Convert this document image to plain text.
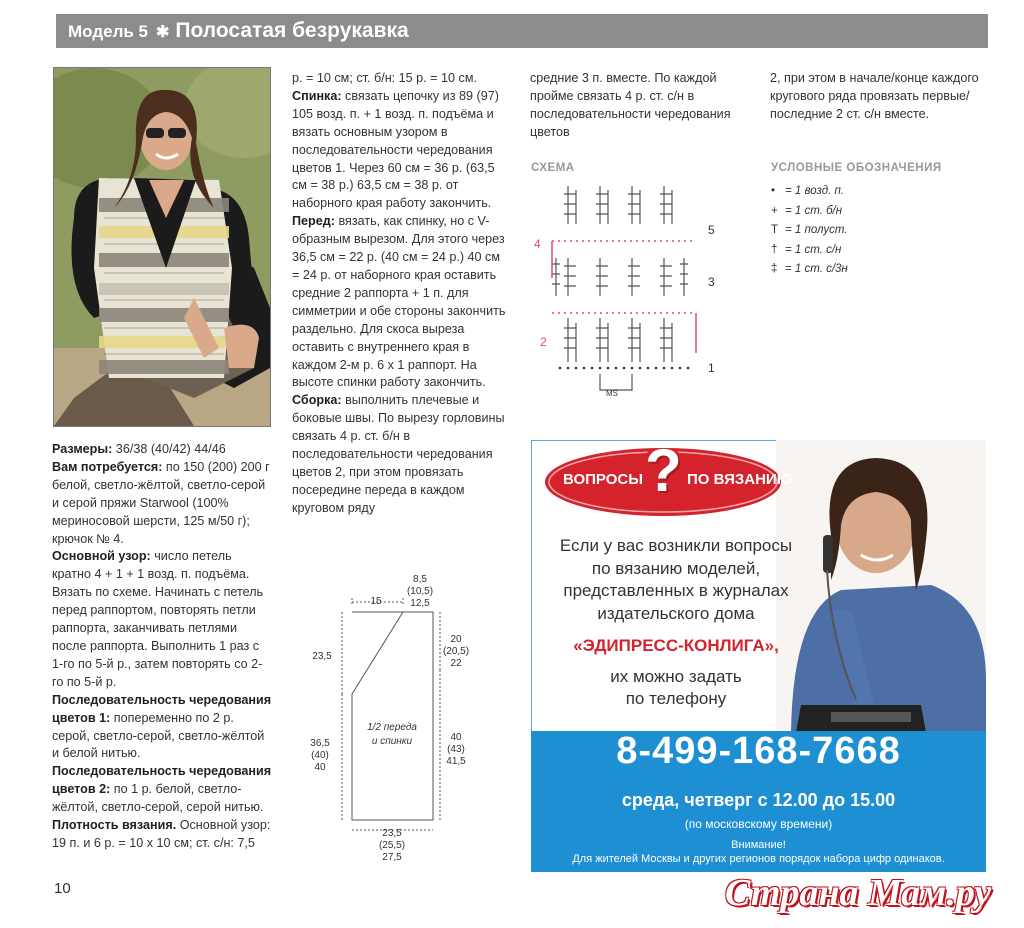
Модель 5 ✱ Полосатая безрукавка

Размеры: 36/38 (40/42) 44/46

Вам потребуется: по 150 (200) 200 г белой, светло-жёлтой, светло-серой и серой пряжи Starwool (100% мериносовой шерсти, 125 м/50 г); крючок № 4.

Основной узор: число петель кратно 4 + 1 + 1 возд. п. подъёма. Вязать по схеме. Начинать с петель перед раппортом, повторять петли раппорта, заканчивать петлями после раппорта. Выполнить 1 раз с 1-го по 5-й р., затем повторять со 2-го по 5-й р.

Последовательность чередования цветов 1: попеременно по 2 р. серой, светло-серой, светло-жёлтой и белой нитью.

Последовательность чередования цветов 2: по 1 р. белой, светло-жёлтой, светло-серой, серой нитью.

Плотность вязания. Основной узор: 19 п. и 6 р. = 10 x 10 см; ст. с/н: 7,5

10

р. = 10 см; ст. б/н: 15 р. = 10 см.

Спинка: связать цепочку из 89 (97) 105 возд. п. + 1 возд. п. подъёма и вязать основным узором в последовательности чередования цветов 1. Через 60 см = 36 р. (63,5 см = 38 р.) 63,5 см = 38 р. от наборного края работу закончить.

Перед: вязать, как спинку, но с V-образным вырезом. Для этого через 36,5 см = 22 р. (40 см = 24 р.) 40 см = 24 р. от наборного края оставить средние 2 раппорта + 1 п. для симметрии и обе стороны закончить раздельно. Для скоса выреза оставить с внутреннего края в каждом 2-м р. 6 x 1 раппорт. На высоте спинки работу закончить.

Сборка: выполнить плечевые и боковые швы. По вырезу горловины связать 4 р. ст. б/н в последовательности чередования цветов 2, при этом провязать посередине переда в каждом круговом ряду

средние 3 п. вместе. По каждой пройме связать 4 р. ст. с/н в последовательности чередования цветов

2, при этом в начале/конце каждого кругового ряда провязать первые/последние 2 ст. с/н вместе.

СХЕМА
5
4
3
2
1
MS
УСЛОВНЫЕ ОБОЗНАЧЕНИЯ
• = 1 возд. п.
+ = 1 ст. б/н
T = 1 полуст.
† = 1 ст. с/н
‡ = 1 ст. с/3н
15
8,5
(10,5)
12,5
23,5
36,5
(40)
40
20
(20,5)
22
40
(43)
41,5
1/2 переда
и спинки
23,5
(25,5)
27,5
ВОПРОСЫ ? ПО ВЯЗАНИЮ
Если у вас возникли вопросы
по вязанию моделей,
представленных в журналах
издательского дома
«ЭДИПРЕСС-КОНЛИГА»,
их можно задать
по телефону
8-499-168-7668
среда, четверг с 12.00 до 15.00
(по московскому времени)
Внимание!
Для жителей Москвы и других регионов порядок набора цифр одинаков.
Страна Мам.ру
